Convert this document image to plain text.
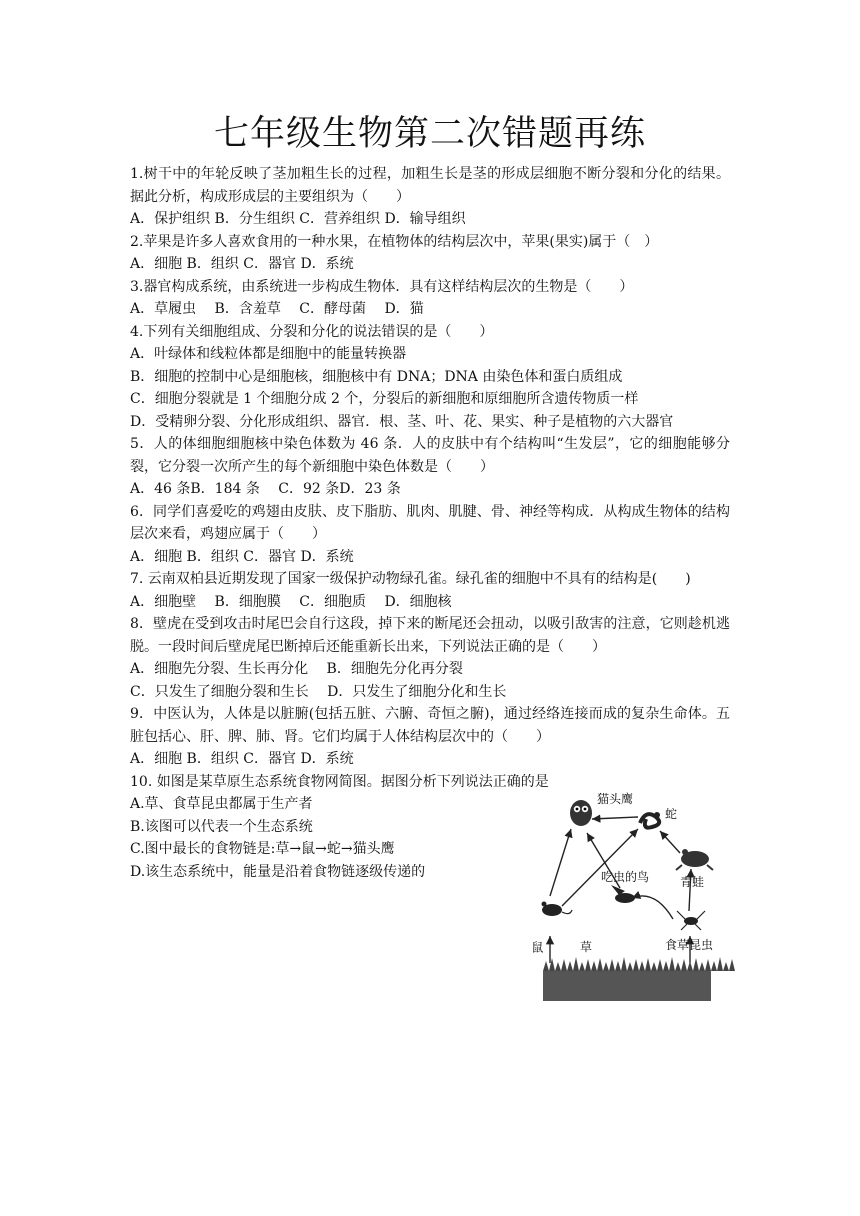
七年级生物第二次错题再练
1.树干中的年轮反映了茎加粗生长的过程，加粗生长是茎的形成层细胞不断分裂和分化的结果。据此分析，构成形成层的主要组织为（　　）
A．保护组织 B．分生组织 C．营养组织 D．输导组织
2.苹果是许多人喜欢食用的一种水果，在植物体的结构层次中，苹果(果实)属于（　）
A．细胞 B．组织 C．器官 D．系统
3.器官构成系统，由系统进一步构成生物体．具有这样结构层次的生物是（　　）
A．草履虫　 B．含羞草　 C．酵母菌　 D．猫
4.下列有关细胞组成、分裂和分化的说法错误的是（　　）
A．叶绿体和线粒体都是细胞中的能量转换器
B．细胞的控制中心是细胞核，细胞核中有 DNA；DNA 由染色体和蛋白质组成
C．细胞分裂就是 1 个细胞分成 2 个，分裂后的新细胞和原细胞所含遗传物质一样
D．受精卵分裂、分化形成组织、器官．根、茎、叶、花、果实、种子是植物的六大器官
5．人的体细胞细胞核中染色体数为 46 条．人的皮肤中有个结构叫“生发层”，它的细胞能够分裂，它分裂一次所产生的每个新细胞中染色体数是（　　）
A．46 条B．184 条　 C．92 条D．23 条
6．同学们喜爱吃的鸡翅由皮肤、皮下脂肪、肌肉、肌腱、骨、神经等构成．从构成生物体的结构层次来看，鸡翅应属于（　　）
A．细胞 B．组织 C．器官 D．系统
7. 云南双柏县近期发现了国家一级保护动物绿孔雀。绿孔雀的细胞中不具有的结构是(　　)
A．细胞壁　 B．细胞膜　 C．细胞质　 D．细胞核
8．壁虎在受到攻击时尾巴会自行这段，掉下来的断尾还会扭动，以吸引敌害的注意，它则趁机逃脱。一段时间后壁虎尾巴断掉后还能重新长出来，下列说法正确的是（　　）
A．细胞先分裂、生长再分化　 B．细胞先分化再分裂
C．只发生了细胞分裂和生长　 D．只发生了细胞分化和生长
9．中医认为，人体是以脏腑(包括五脏、六腑、奇恒之腑)，通过经络连接而成的复杂生命体。五脏包括心、肝、脾、肺、肾。它们均属于人体结构层次中的（　　）
A．细胞 B．组织 C．器官 D．系统
10. 如图是某草原生态系统食物网简图。据图分析下列说法正确的是
A.草、食草昆虫都属于生产者
B.该图可以代表一个生态系统
C.图中最长的食物链是:草→鼠→蛇→猫头鹰
D.该生态系统中，能量是沿着食物链逐级传递的
猫头鹰
蛇
青蛙
吃虫的鸟
鼠	草	食草昆虫
